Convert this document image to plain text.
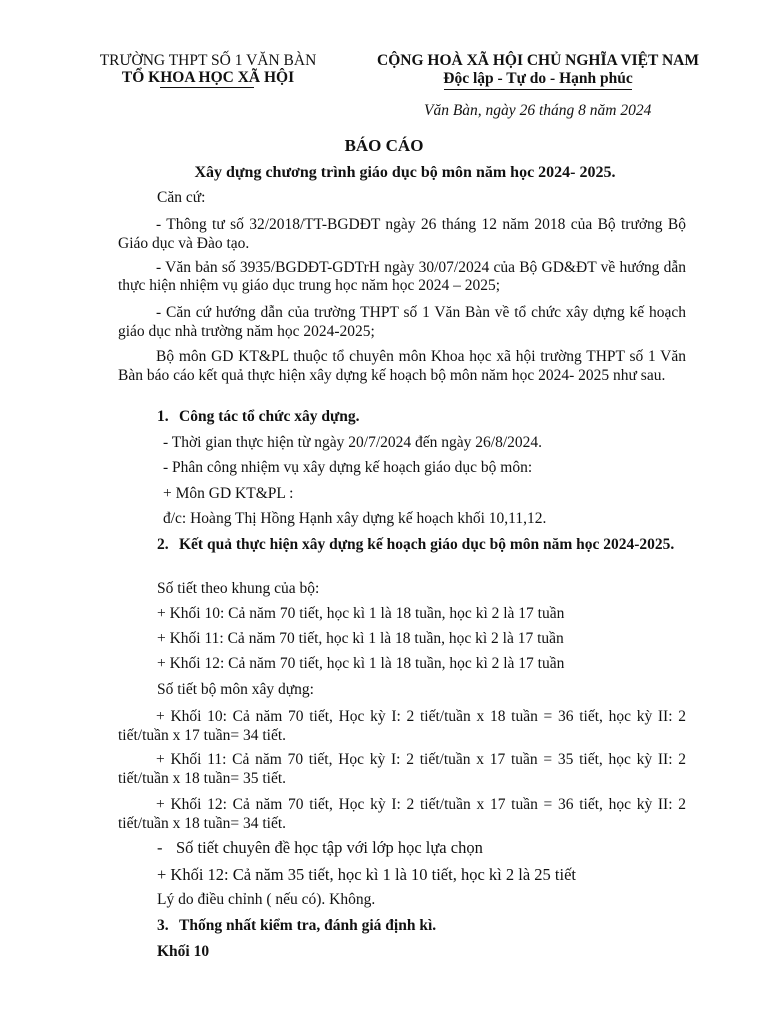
TRƯỜNG THPT SỐ 1 VĂN BÀN
TỔ KHOA HỌC XÃ HỘI
CỘNG HOÀ XÃ HỘI CHỦ NGHĨA VIỆT NAM
Độc lập - Tự do - Hạnh phúc
Văn Bàn, ngày 26 tháng 8 năm 2024
BÁO CÁO
Xây dựng chương trình giáo dục bộ môn năm học 2024- 2025.
Căn cứ:
- Thông tư số 32/2018/TT-BGDĐT ngày 26 tháng 12 năm 2018 của Bộ trưởng Bộ Giáo dục và Đào tạo.
- Văn bản số 3935/BGDĐT-GDTrH ngày 30/07/2024 của Bộ GD&ĐT về hướng dẫn thực hiện nhiệm vụ giáo dục trung học năm học 2024 – 2025;
- Căn cứ hướng dẫn của trường THPT số 1 Văn Bàn về tổ chức xây dựng kế hoạch giáo dục nhà trường năm học 2024-2025;
Bộ môn GD KT&PL thuộc tổ chuyên môn Khoa học xã hội trường THPT số 1 Văn Bàn báo cáo kết quả thực hiện xây dựng kế hoạch bộ môn năm học 2024- 2025 như sau.
1. Công tác tổ chức xây dựng.
- Thời gian thực hiện từ ngày 20/7/2024 đến ngày 26/8/2024.
- Phân công nhiệm vụ xây dựng kế hoạch giáo dục bộ môn:
+ Môn GD KT&PL :
đ/c: Hoàng Thị Hồng Hạnh xây dựng kế hoạch khối 10,11,12.
2. Kết quả thực hiện xây dựng kế hoạch giáo dục bộ môn năm học 2024-2025.
Số tiết theo khung của bộ:
+ Khối 10: Cả năm 70 tiết, học kì 1 là 18 tuần, học kì 2 là 17 tuần
+ Khối 11: Cả năm 70 tiết, học kì 1 là 18 tuần, học kì 2 là 17 tuần
+ Khối 12: Cả năm 70 tiết, học kì 1 là 18 tuần, học kì 2 là 17 tuần
Số tiết bộ môn xây dựng:
+ Khối 10: Cả năm 70 tiết, Học kỳ I: 2 tiết/tuần x 18 tuần = 36 tiết, học kỳ II: 2 tiết/tuần x 17 tuần= 34 tiết.
+ Khối 11: Cả năm 70 tiết, Học kỳ I: 2 tiết/tuần x 17 tuần = 35 tiết, học kỳ II: 2 tiết/tuần x 18 tuần= 35 tiết.
+ Khối 12: Cả năm 70 tiết, Học kỳ I: 2 tiết/tuần x 17 tuần = 36 tiết, học kỳ II: 2 tiết/tuần x 18 tuần= 34 tiết.
- Số tiết chuyên đề học tập với lớp học lựa chọn
+ Khối 12: Cả năm 35 tiết, học kì 1 là 10 tiết, học kì 2 là 25 tiết
Lý do điều chỉnh ( nếu có). Không.
3. Thống nhất kiểm tra, đánh giá định kì.
Khối 10
